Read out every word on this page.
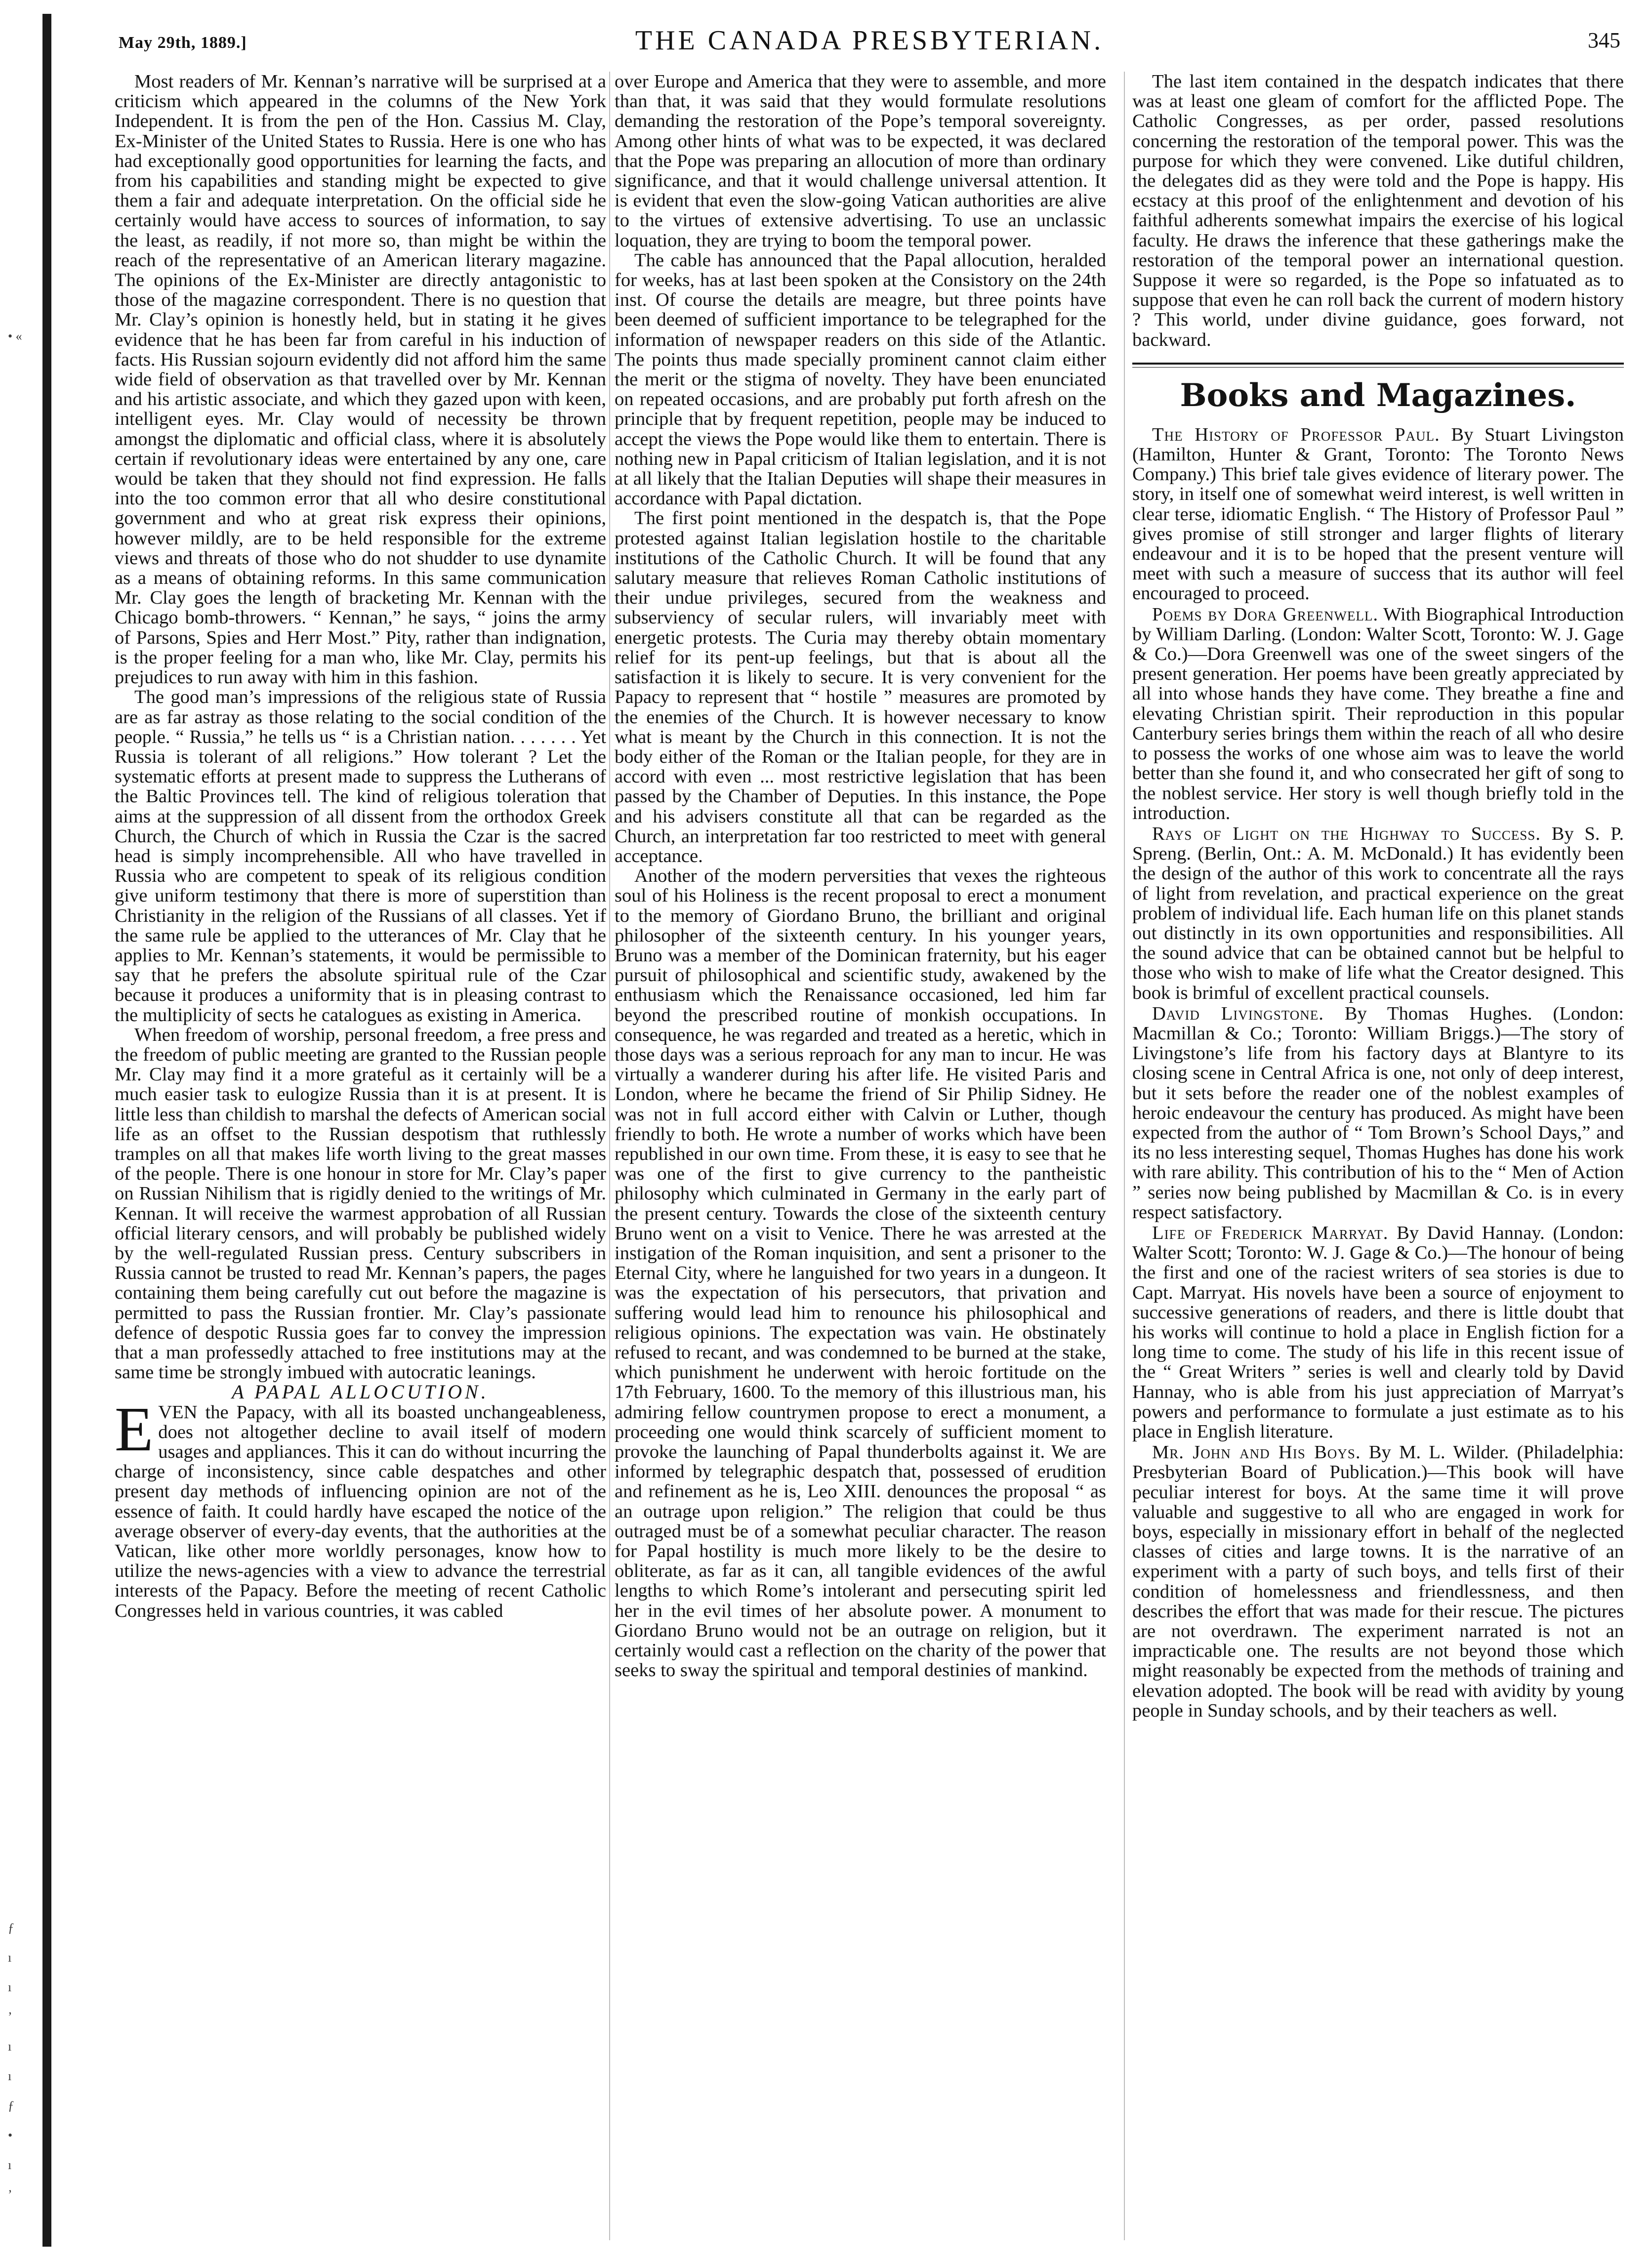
• «
ƒ
ı
ı
’
ı
ı
ƒ
•
ı
’
May 29th, 1889.]	THE CANADA PRESBYTERIAN.	345

Most readers of Mr. Kennan’s narrative will be surprised at a criticism which appeared in the columns of the New York Independent. It is from the pen of the Hon. Cassius M. Clay, Ex-Minister of the United States to Russia. Here is one who has had exceptionally good opportunities for learning the facts, and from his capabilities and standing might be expected to give them a fair and adequate interpretation. On the official side he certainly would have access to sources of information, to say the least, as readily, if not more so, than might be within the reach of the representative of an American literary magazine. The opinions of the Ex-Minister are directly antagonistic to those of the magazine correspondent. There is no question that Mr. Clay’s opinion is honestly held, but in stating it he gives evidence that he has been far from careful in his induction of facts. His Russian sojourn evidently did not afford him the same wide field of observation as that travelled over by Mr. Kennan and his artistic associate, and which they gazed upon with keen, intelligent eyes. Mr. Clay would of necessity be thrown amongst the diplomatic and official class, where it is absolutely certain if revolutionary ideas were entertained by any one, care would be taken that they should not find expression. He falls into the too common error that all who desire constitutional government and who at great risk express their opinions, however mildly, are to be held responsible for the extreme views and threats of those who do not shudder to use dynamite as a means of obtaining reforms. In this same communication Mr. Clay goes the length of bracketing Mr. Kennan with the Chicago bomb-throwers. “ Kennan,” he says, “ joins the army of Parsons, Spies and Herr Most.” Pity, rather than indignation, is the proper feeling for a man who, like Mr. Clay, permits his prejudices to run away with him in this fashion.

The good man’s impressions of the religious state of Russia are as far astray as those relating to the social condition of the people. “ Russia,” he tells us “ is a Christian nation. . . . . . . Yet Russia is tolerant of all religions.” How tolerant ? Let the systematic efforts at present made to suppress the Lutherans of the Baltic Provinces tell. The kind of religious toleration that aims at the suppression of all dissent from the orthodox Greek Church, the Church of which in Russia the Czar is the sacred head is simply incomprehensible. All who have travelled in Russia who are competent to speak of its religious condition give uniform testimony that there is more of superstition than Christianity in the religion of the Russians of all classes. Yet if the same rule be applied to the utterances of Mr. Clay that he applies to Mr. Kennan’s statements, it would be permissible to say that he prefers the absolute spiritual rule of the Czar because it produces a uniformity that is in pleasing contrast to the multiplicity of sects he catalogues as existing in America.

When freedom of worship, personal freedom, a free press and the freedom of public meeting are granted to the Russian people Mr. Clay may find it a more grateful as it certainly will be a much easier task to eulogize Russia than it is at present. It is little less than childish to marshal the defects of American social life as an offset to the Russian despotism that ruthlessly tramples on all that makes life worth living to the great masses of the people. There is one honour in store for Mr. Clay’s paper on Russian Nihilism that is rigidly denied to the writings of Mr. Kennan. It will receive the warmest approbation of all Russian official literary censors, and will probably be published widely by the well-regulated Russian press. Century subscribers in Russia cannot be trusted to read Mr. Kennan’s papers, the pages containing them being carefully cut out before the magazine is permitted to pass the Russian frontier. Mr. Clay’s passionate defence of despotic Russia goes far to convey the impression that a man professedly attached to free institutions may at the same time be strongly imbued with autocratic leanings.

A PAPAL ALLOCUTION.

EVEN the Papacy, with all its boasted unchangeableness, does not altogether decline to avail itself of modern usages and appliances. This it can do without incurring the charge of inconsistency, since cable despatches and other present day methods of influencing opinion are not of the essence of faith. It could hardly have escaped the notice of the average observer of every-day events, that the authorities at the Vatican, like other more worldly personages, know how to utilize the news-agencies with a view to advance the terrestrial interests of the Papacy. Before the meeting of recent Catholic Congresses held in various countries, it was cabled

over Europe and America that they were to assemble, and more than that, it was said that they would formulate resolutions demanding the restoration of the Pope’s temporal sovereignty. Among other hints of what was to be expected, it was declared that the Pope was preparing an allocution of more than ordinary significance, and that it would challenge universal attention. It is evident that even the slow-going Vatican authorities are alive to the virtues of extensive advertising. To use an unclassic loquation, they are trying to boom the temporal power.

The cable has announced that the Papal allocution, heralded for weeks, has at last been spoken at the Consistory on the 24th inst. Of course the details are meagre, but three points have been deemed of sufficient importance to be telegraphed for the information of newspaper readers on this side of the Atlantic. The points thus made specially prominent cannot claim either the merit or the stigma of novelty. They have been enunciated on repeated occasions, and are probably put forth afresh on the principle that by frequent repetition, people may be induced to accept the views the Pope would like them to entertain. There is nothing new in Papal criticism of Italian legislation, and it is not at all likely that the Italian Deputies will shape their measures in accordance with Papal dictation.

The first point mentioned in the despatch is, that the Pope protested against Italian legislation hostile to the charitable institutions of the Catholic Church. It will be found that any salutary measure that relieves Roman Catholic institutions of their undue privileges, secured from the weakness and subserviency of secular rulers, will invariably meet with energetic protests. The Curia may thereby obtain momentary relief for its pent-up feelings, but that is about all the satisfaction it is likely to secure. It is very convenient for the Papacy to represent that “ hostile ” measures are promoted by the enemies of the Church. It is however necessary to know what is meant by the Church in this connection. It is not the body either of the Roman or the Italian people, for they are in accord with even ... most restrictive legislation that has been passed by the Chamber of Deputies. In this instance, the Pope and his advisers constitute all that can be regarded as the Church, an interpretation far too restricted to meet with general acceptance.

Another of the modern perversities that vexes the righteous soul of his Holiness is the recent proposal to erect a monument to the memory of Giordano Bruno, the brilliant and original philosopher of the sixteenth century. In his younger years, Bruno was a member of the Dominican fraternity, but his eager pursuit of philosophical and scientific study, awakened by the enthusiasm which the Renaissance occasioned, led him far beyond the prescribed routine of monkish occupations. In consequence, he was regarded and treated as a heretic, which in those days was a serious reproach for any man to incur. He was virtually a wanderer during his after life. He visited Paris and London, where he became the friend of Sir Philip Sidney. He was not in full accord either with Calvin or Luther, though friendly to both. He wrote a number of works which have been republished in our own time. From these, it is easy to see that he was one of the first to give currency to the pantheistic philosophy which culminated in Germany in the early part of the present century. Towards the close of the sixteenth century Bruno went on a visit to Venice. There he was arrested at the instigation of the Roman inquisition, and sent a prisoner to the Eternal City, where he languished for two years in a dungeon. It was the expectation of his persecutors, that privation and suffering would lead him to renounce his philosophical and religious opinions. The expectation was vain. He obstinately refused to recant, and was condemned to be burned at the stake, which punishment he underwent with heroic fortitude on the 17th February, 1600. To the memory of this illustrious man, his admiring fellow countrymen propose to erect a monument, a proceeding one would think scarcely of sufficient moment to provoke the launching of Papal thunderbolts against it. We are informed by telegraphic despatch that, possessed of erudition and refinement as he is, Leo XIII. denounces the proposal “ as an outrage upon religion.” The religion that could be thus outraged must be of a somewhat peculiar character. The reason for Papal hostility is much more likely to be the desire to obliterate, as far as it can, all tangible evidences of the awful lengths to which Rome’s intolerant and persecuting spirit led her in the evil times of her absolute power. A monument to Giordano Bruno would not be an outrage on religion, but it certainly would cast a reflection on the charity of the power that seeks to sway the spiritual and temporal destinies of mankind.

The last item contained in the despatch indicates that there was at least one gleam of comfort for the afflicted Pope. The Catholic Congresses, as per order, passed resolutions concerning the restoration of the temporal power. This was the purpose for which they were convened. Like dutiful children, the delegates did as they were told and the Pope is happy. His ecstacy at this proof of the enlightenment and devotion of his faithful adherents somewhat impairs the exercise of his logical faculty. He draws the inference that these gatherings make the restoration of the temporal power an international question. Suppose it were so regarded, is the Pope so infatuated as to suppose that even he can roll back the current of modern history ? This world, under divine guidance, goes forward, not backward.

Books and Magazines.

The History of Professor Paul. By Stuart Livingston (Hamilton, Hunter & Grant, Toronto: The Toronto News Company.) This brief tale gives evidence of literary power. The story, in itself one of somewhat weird interest, is well written in clear terse, idiomatic English. “ The History of Professor Paul ” gives promise of still stronger and larger flights of literary endeavour and it is to be hoped that the present venture will meet with such a measure of success that its author will feel encouraged to proceed.

Poems by Dora Greenwell. With Biographical Introduction by William Darling. (London: Walter Scott, Toronto: W. J. Gage & Co.)—Dora Greenwell was one of the sweet singers of the present generation. Her poems have been greatly appreciated by all into whose hands they have come. They breathe a fine and elevating Christian spirit. Their reproduction in this popular Canterbury series brings them within the reach of all who desire to possess the works of one whose aim was to leave the world better than she found it, and who consecrated her gift of song to the noblest service. Her story is well though briefly told in the introduction.

Rays of Light on the Highway to Success. By S. P. Spreng. (Berlin, Ont.: A. M. McDonald.) It has evidently been the design of the author of this work to concentrate all the rays of light from revelation, and practical experience on the great problem of individual life. Each human life on this planet stands out distinctly in its own opportunities and responsibilities. All the sound advice that can be obtained cannot but be helpful to those who wish to make of life what the Creator designed. This book is brimful of excellent practical counsels.

David Livingstone. By Thomas Hughes. (London: Macmillan & Co.; Toronto: William Briggs.)—The story of Livingstone’s life from his factory days at Blantyre to its closing scene in Central Africa is one, not only of deep interest, but it sets before the reader one of the noblest examples of heroic endeavour the century has produced. As might have been expected from the author of “ Tom Brown’s School Days,” and its no less interesting sequel, Thomas Hughes has done his work with rare ability. This contribution of his to the “ Men of Action ” series now being published by Macmillan & Co. is in every respect satisfactory.

Life of Frederick Marryat. By David Hannay. (London: Walter Scott; Toronto: W. J. Gage & Co.)—The honour of being the first and one of the raciest writers of sea stories is due to Capt. Marryat. His novels have been a source of enjoyment to successive generations of readers, and there is little doubt that his works will continue to hold a place in English fiction for a long time to come. The study of his life in this recent issue of the “ Great Writers ” series is well and clearly told by David Hannay, who is able from his just appreciation of Marryat’s powers and performance to formulate a just estimate as to his place in English literature.

Mr. John and His Boys. By M. L. Wilder. (Philadelphia: Presbyterian Board of Publication.)—This book will have peculiar interest for boys. At the same time it will prove valuable and suggestive to all who are engaged in work for boys, especially in missionary effort in behalf of the neglected classes of cities and large towns. It is the narrative of an experiment with a party of such boys, and tells first of their condition of homelessness and friendlessness, and then describes the effort that was made for their rescue. The pictures are not overdrawn. The experiment narrated is not an impracticable one. The results are not beyond those which might reasonably be expected from the methods of training and elevation adopted. The book will be read with avidity by young people in Sunday schools, and by their teachers as well.
